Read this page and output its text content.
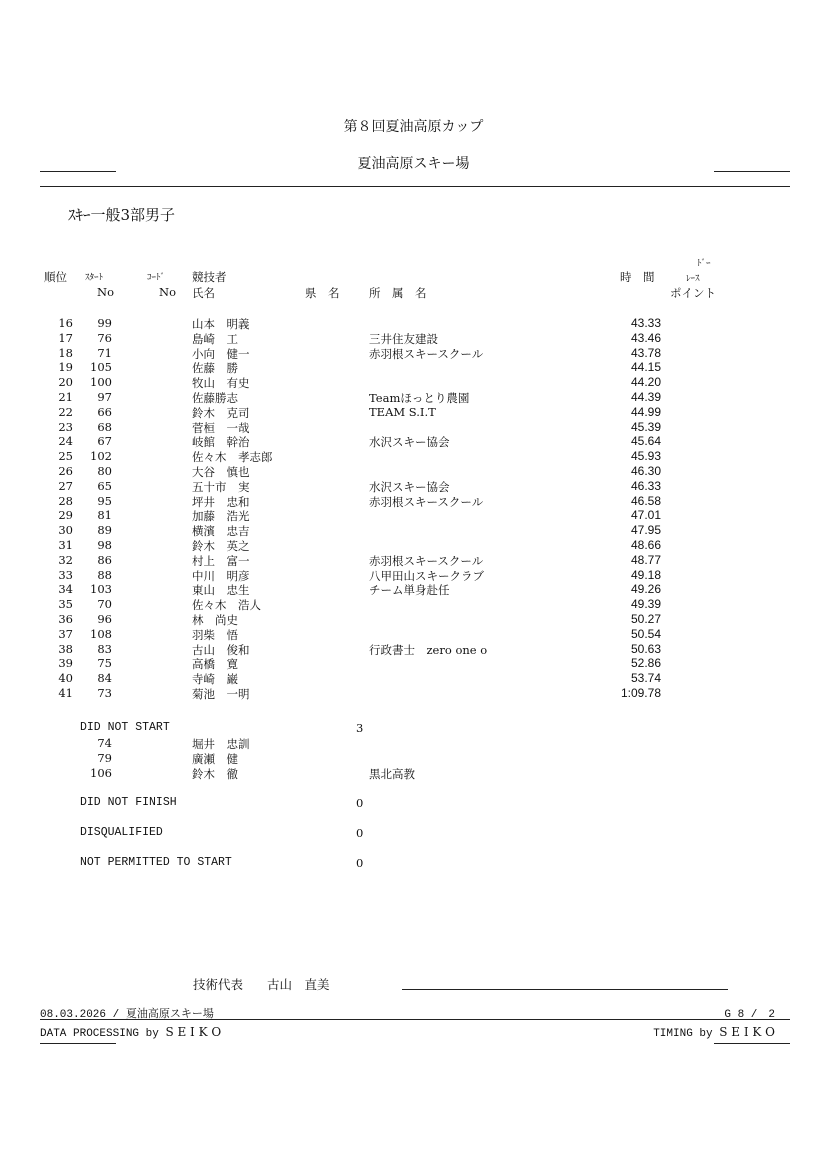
第８回夏油高原カップ
夏油高原スキー場
ｽｷｰ一般3部男子
順位 ｽﾀｰﾄ
No
ｺｰﾄﾞ
No
競技者
氏名	県　名	所　属　名
時　間
ﾄﾞｰ
ﾚｰｽ
ポイント
16 99	山本　明義	43.33
17 76	島崎　工	三井住友建設	43.46
18 71	小向　健一	赤羽根スキースクール	43.78
19 105	佐藤　勝	44.15
20 100	牧山　有史	44.20
21 97	佐藤勝志	Teamほっとり農園	44.39
22 66	鈴木　克司	TEAM S.I.T	44.99
23 68	菅桓　一哉	45.39
24 67	岐館　幹治	水沢スキー協会	45.64
25 102	佐々木　孝志郎	45.93
26 80	大谷　慎也	46.30
27 65	五十市　実	水沢スキー協会	46.33
28 95	坪井　忠和	赤羽根スキースクール	46.58
29 81	加藤　浩光	47.01
30 89	横濱　忠吉	47.95
31 98	鈴木　英之	48.66
32 86	村上　富一	赤羽根スキースクール	48.77
33 88	中川　明彦	八甲田山スキークラブ	49.18
34 103	東山　忠生	チーム単身赴任	49.26
35 70	佐々木　浩人	49.39
36 96	林　尚史	50.27
37 108	羽柴　悟	50.54
38 83	古山　俊和	行政書士　zero one o	50.63
39 75	高橋　寛	52.86
40 84	寺崎　巌	53.74
41 73	菊池　一明	1:09.78
DID NOT START	3
74	堀井　忠訓
79	廣瀬　健
106	鈴木　徹	黒北高教
DID NOT FINISH	0
DISQUALIFIED	0
NOT PERMITTED TO START	0
技術代表 古山　直美
08.03.2026 / 夏油高原スキー場	G 8 /　2
DATA PROCESSING by S E I K O	TIMING by S E I K O
